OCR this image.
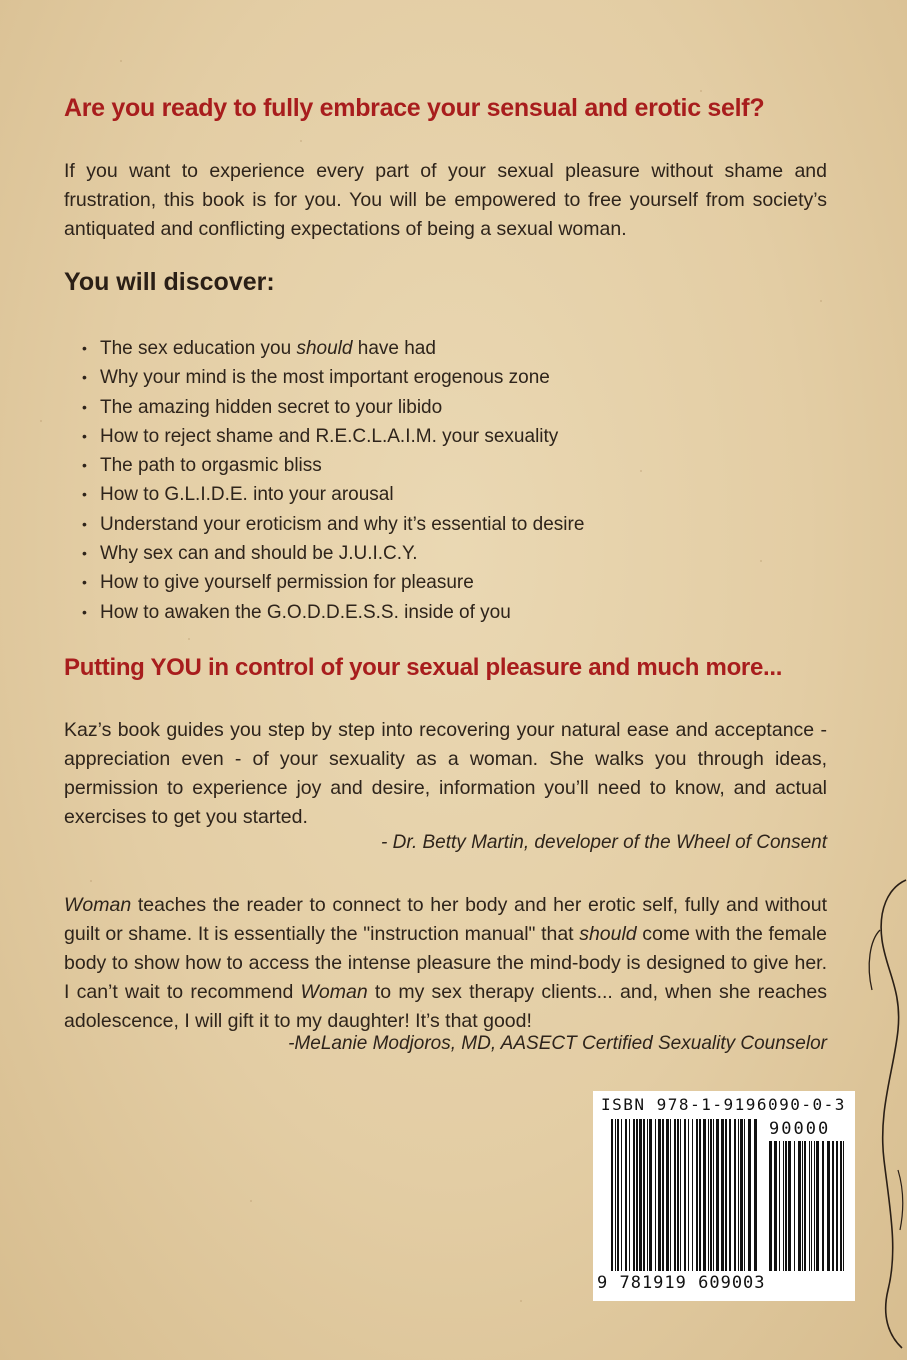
Are you ready to fully embrace your sensual and erotic self?

If you want to experience every part of your sexual pleasure without shame and frustration, this book is for you. You will be empowered to free yourself from society’s antiquated and conflicting expectations of being a sexual woman.

You will discover:
• The sex education you should have had
• Why your mind is the most important erogenous zone
• The amazing hidden secret to your libido
• How to reject shame and R.E.C.L.A.I.M. your sexuality
• The path to orgasmic bliss
• How to G.L.I.D.E. into your arousal
• Understand your eroticism and why it’s essential to desire
• Why sex can and should be J.U.I.C.Y.
• How to give yourself permission for pleasure
• How to awaken the G.O.D.D.E.S.S. inside of you
Putting YOU in control of your sexual pleasure and much more...

Kaz’s book guides you step by step into recovering your natural ease and acceptance - appreciation even - of your sexuality as a woman. She walks you through ideas, permission to experience joy and desire, information you’ll need to know, and actual exercises to get you started.

- Dr. Betty Martin, developer of the Wheel of Consent

Woman teaches the reader to connect to her body and her erotic self, fully and without guilt or shame. It is essentially the "instruction manual" that should come with the female body to show how to access the intense pleasure the mind-body is designed to give her. I can’t wait to recommend Woman to my sex therapy clients... and, when she reaches adolescence, I will gift it to my daughter! It’s that good!

-MeLanie Modjoros, MD, AASECT Certified Sexuality Counselor

ISBN 978-1-9196090-0-3
90000
9 781919 609003
